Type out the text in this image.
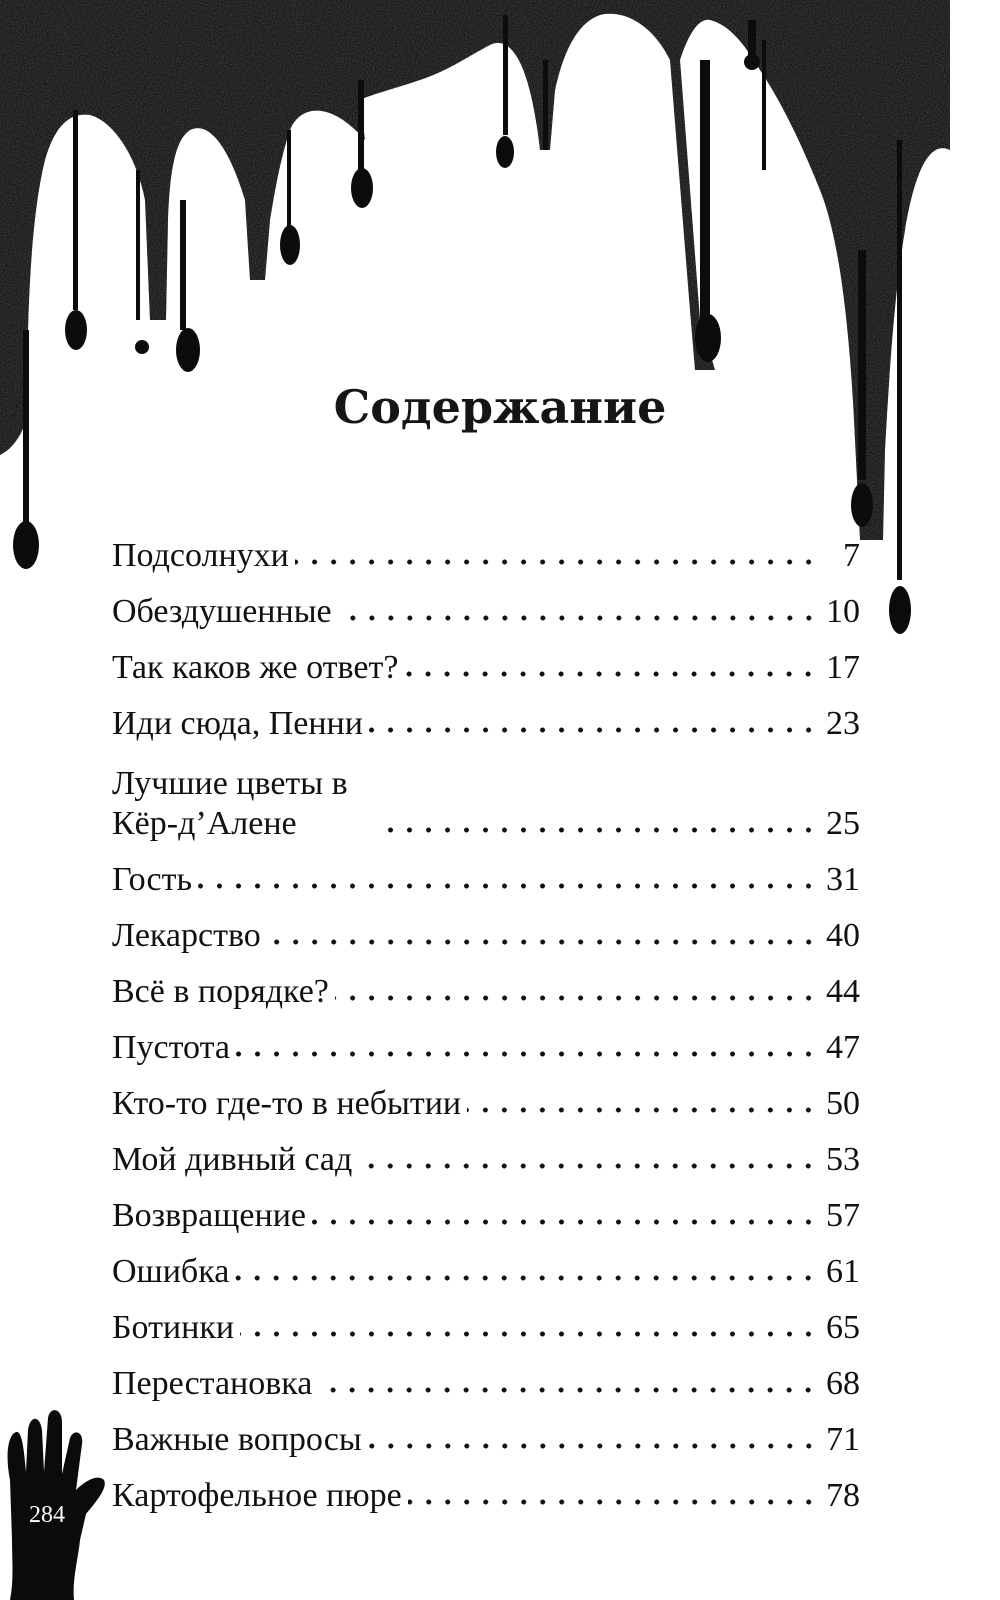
284
Содержание
Подсолнухи	7
Обездушенные	10
Так каков же ответ?	17
Иди сюда, Пенни	23
Лучшие цветы в Кёр-д’Алене	25
Гость	31
Лекарство	40
Всё в порядке?	44
Пустота	47
Кто-то где-то в небытии	50
Мой дивный сад	53
Возвращение	57
Ошибка	61
Ботинки	65
Перестановка	68
Важные вопросы	71
Картофельное пюре	78
